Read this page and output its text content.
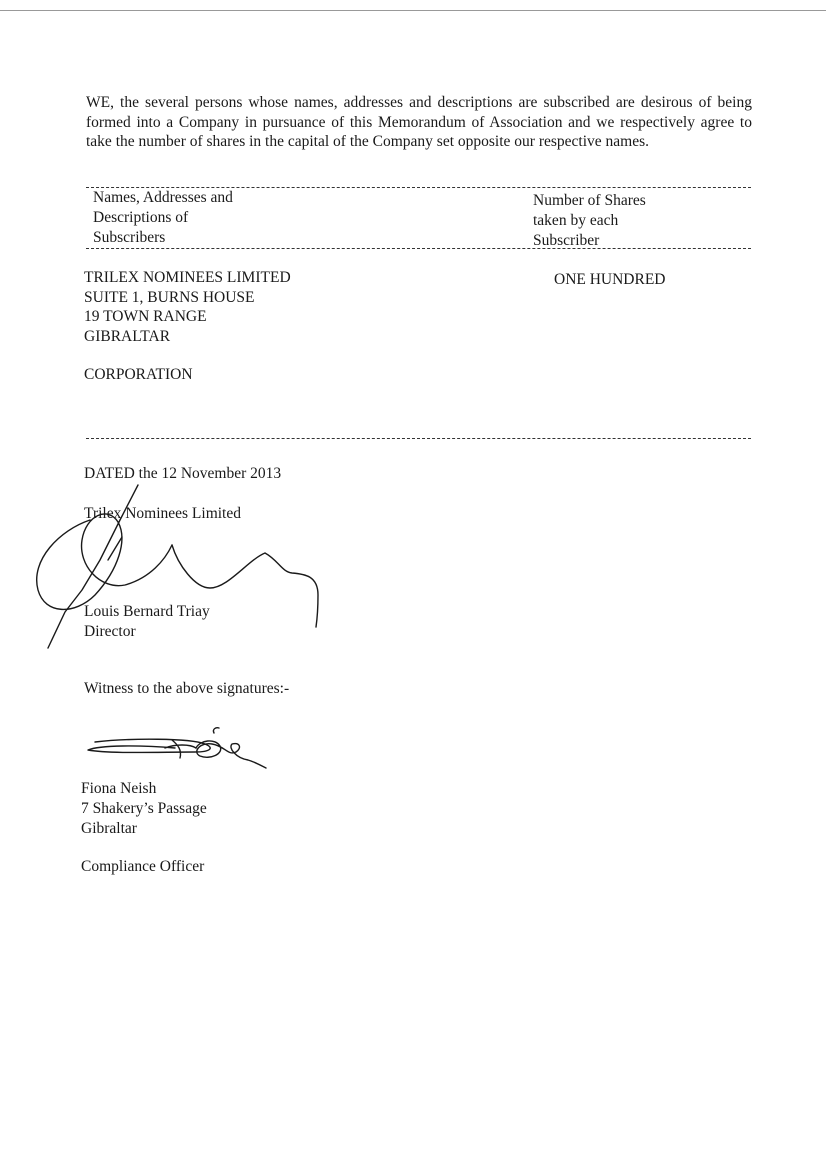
WE, the several persons whose names, addresses and descriptions are subscribed are desirous of being formed into a Company in pursuance of this Memorandum of Association and we respectively agree to take the number of shares in the capital of the Company set opposite our respective names.
Names, Addresses and
Descriptions of
Subscribers
Number of Shares
taken by each
Subscriber
TRILEX NOMINEES LIMITED
SUITE 1, BURNS HOUSE
19 TOWN RANGE
GIBRALTAR
CORPORATION
ONE HUNDRED
DATED the 12 November 2013
Trilex Nominees Limited
Louis Bernard Triay
Director
Witness to the above signatures:-
Fiona Neish
7 Shakery’s Passage
Gibraltar
Compliance Officer
